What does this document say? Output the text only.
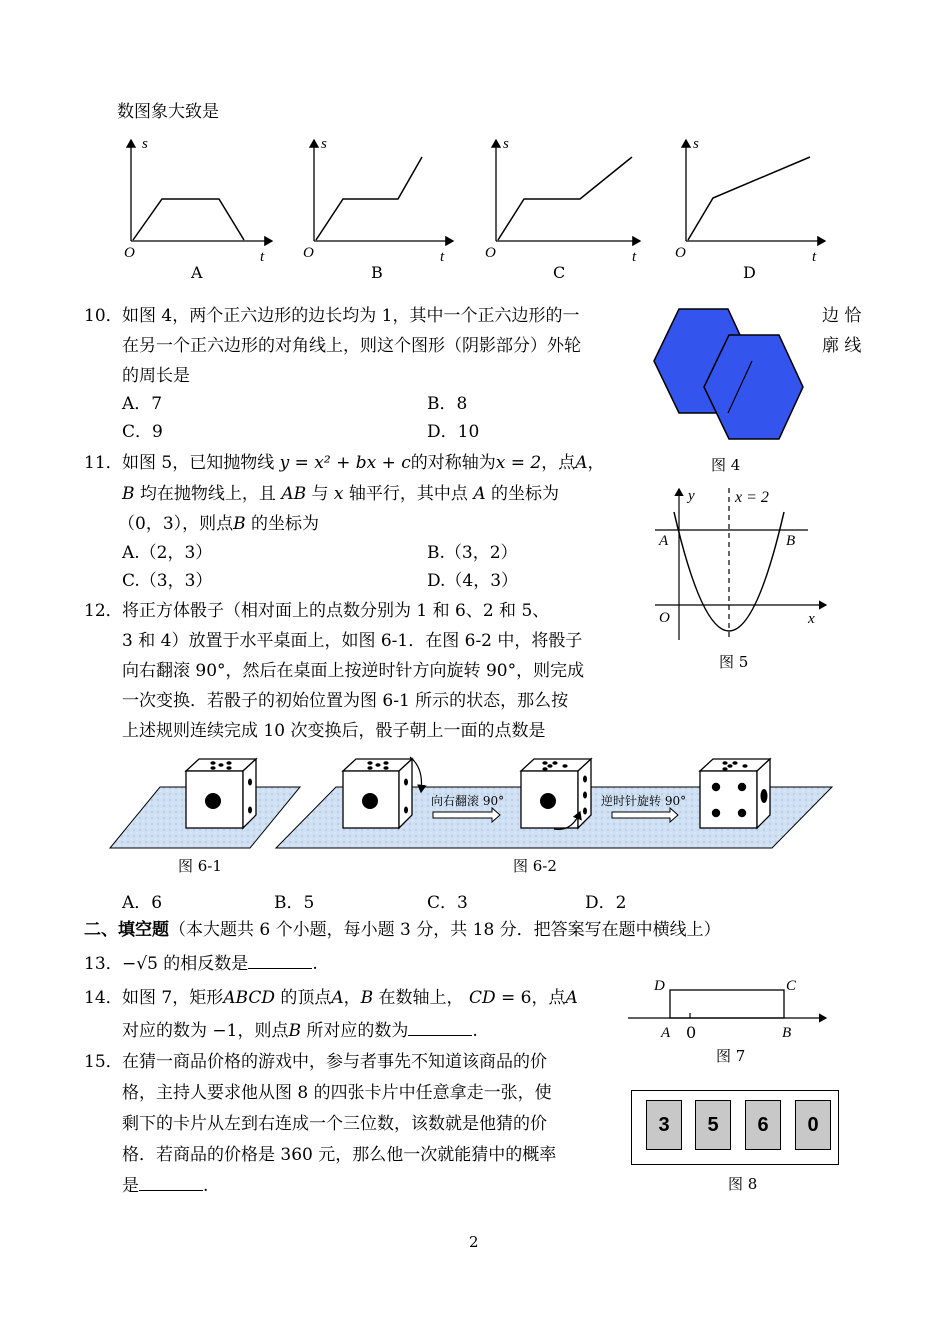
数图象大致是
s
O	t
A
s
O	t
B
s
O	t
C
s
O	t
D
10． 如图 4，两个正六边形的边长均为 1，其中一个正六边形的一	边 恰
在另一个正六边形的对角线上，则这个图形（阴影部分）外轮	廓 线
的周长是
A．7	B．8
C．9	D．10
图 4
11． 如图 5，已知抛物线 y = x² + bx + c的对称轴为x = 2，点A，
B 均在抛物线上，且 AB 与 x 轴平行，其中点 A 的坐标为
（0，3），则点B 的坐标为
A.（2，3）	B.（3，2）
C.（3，3）	D.（4，3）
y	x = 2
A	B
O	x
图 5
12． 将正方体骰子（相对面上的点数分别为 1 和 6、2 和 5、
3 和 4）放置于水平桌面上，如图 6-1．在图 6-2 中，将骰子
向右翻滚 90°，然后在桌面上按逆时针方向旋转 90°，则完成
一次变换．若骰子的初始位置为图 6-1 所示的状态，那么按
上述规则连续完成 10 次变换后，骰子朝上一面的点数是
向右翻滚 90°	逆时针旋转 90°
图 6-1	图 6-2
A．6	B．5	C．3	D．2
二、填空题（本大题共 6 个小题，每小题 3 分，共 18 分．把答案写在题中横线上）
13． −√5 的相反数是	.
14． 如图 7，矩形ABCD 的顶点A，B 在数轴上， CD = 6，点A
对应的数为 −1，则点B 所对应的数为	.
D	C
A 0	B
图 7
15． 在猜一商品价格的游戏中，参与者事先不知道该商品的价
格，主持人要求他从图 8 的四张卡片中任意拿走一张，使
剩下的卡片从左到右连成一个三位数，该数就是他猜的价
格．若商品的价格是 360 元，那么他一次就能猜中的概率
是	.
3	5	6	0
图 8
2
